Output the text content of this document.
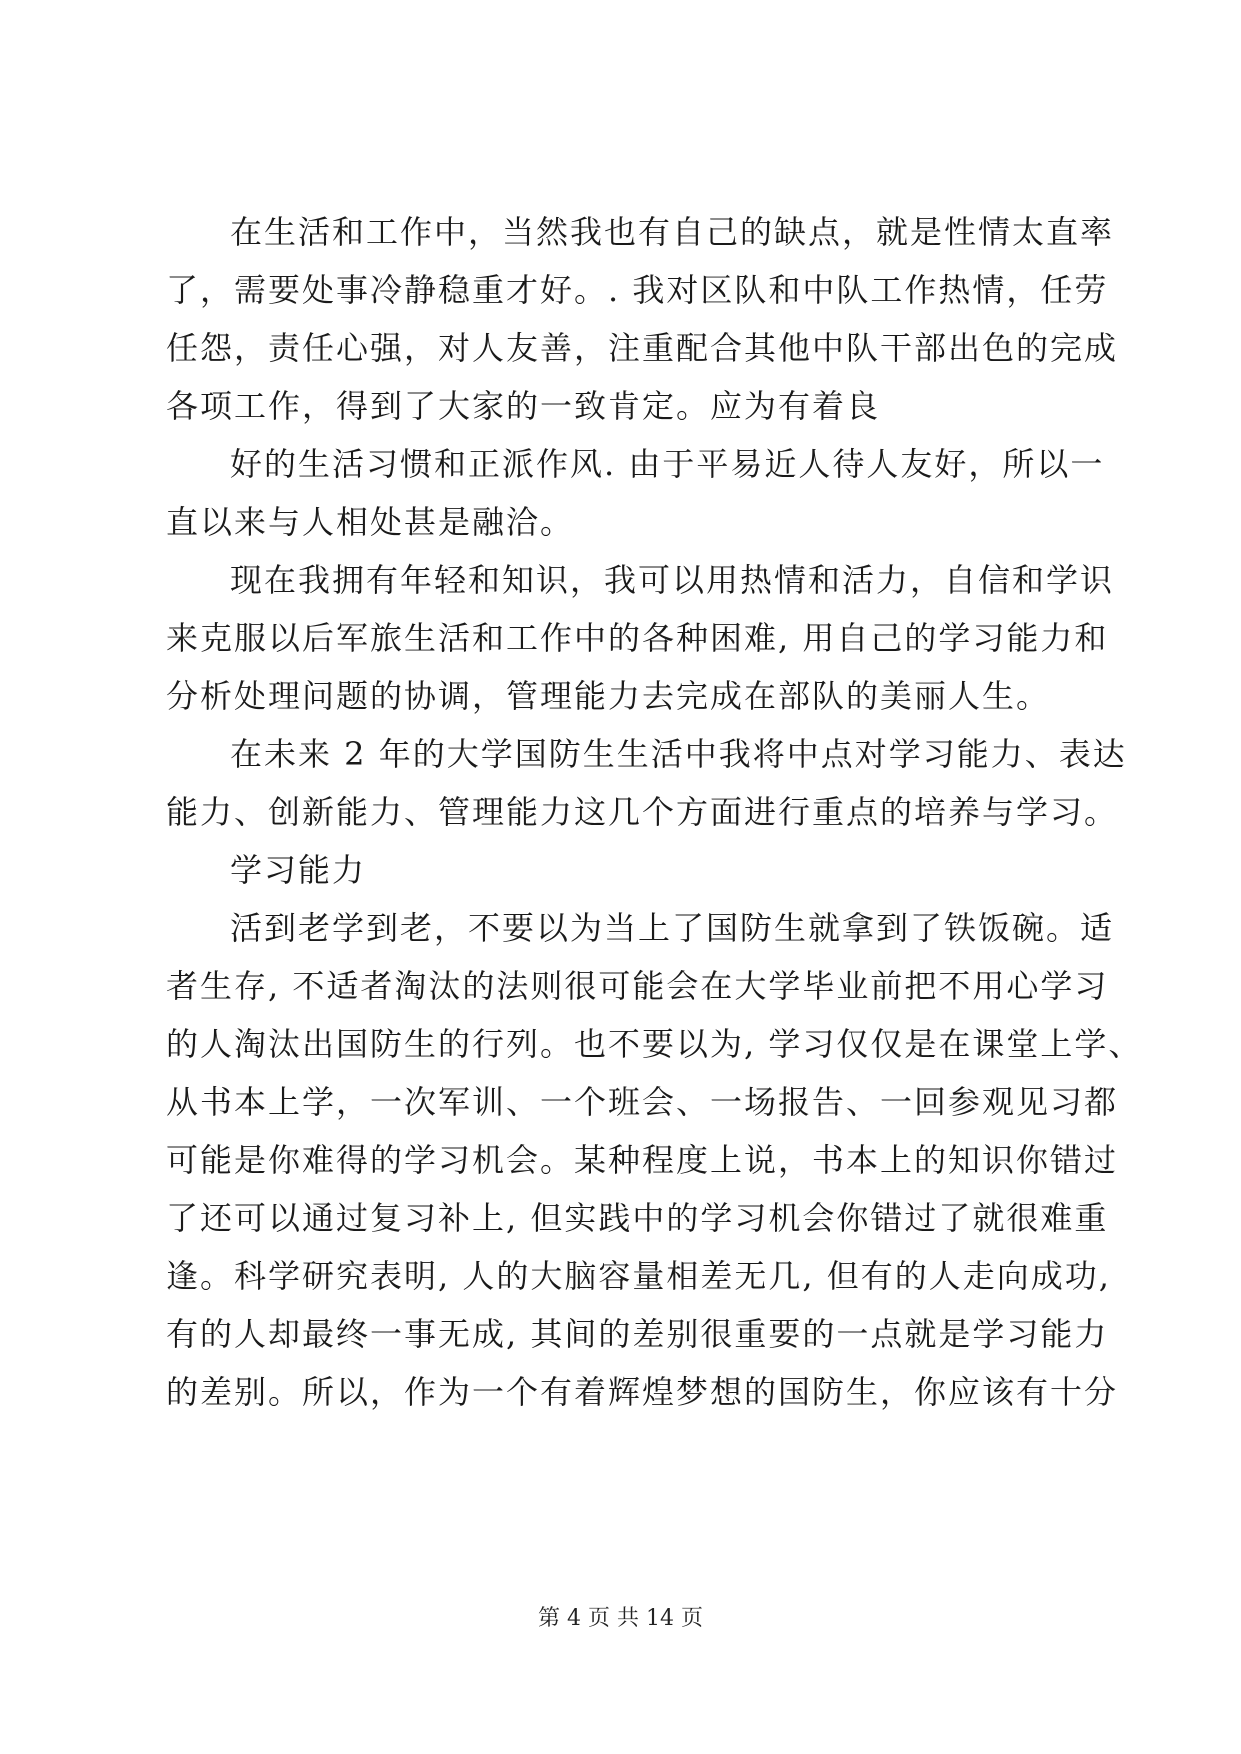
在生活和工作中，当然我也有自己的缺点，就是性情太直率
了，需要处事冷静稳重才好。. 我对区队和中队工作热情，任劳
任怨，责任心强，对人友善，注重配合其他中队干部出色的完成
各项工作，得到了大家的一致肯定。应为有着良
好的生活习惯和正派作风. 由于平易近人待人友好，所以一
直以来与人相处甚是融洽。
现在我拥有年轻和知识，我可以用热情和活力，自信和学识
来克服以后军旅生活和工作中的各种困难, 用自己的学习能力和
分析处理问题的协调，管理能力去完成在部队的美丽人生。
在未来 2 年的大学国防生生活中我将中点对学习能力、表达
能力、创新能力、管理能力这几个方面进行重点的培养与学习。
学习能力
活到老学到老，不要以为当上了国防生就拿到了铁饭碗。适
者生存, 不适者淘汰的法则很可能会在大学毕业前把不用心学习
的人淘汰出国防生的行列。也不要以为, 学习仅仅是在课堂上学、
从书本上学，一次军训、一个班会、一场报告、一回参观见习都
可能是你难得的学习机会。某种程度上说，书本上的知识你错过
了还可以通过复习补上, 但实践中的学习机会你错过了就很难重
逢。科学研究表明, 人的大脑容量相差无几, 但有的人走向成功,
有的人却最终一事无成, 其间的差别很重要的一点就是学习能力
的差别。所以，作为一个有着辉煌梦想的国防生，你应该有十分
第 4 页 共 14 页
